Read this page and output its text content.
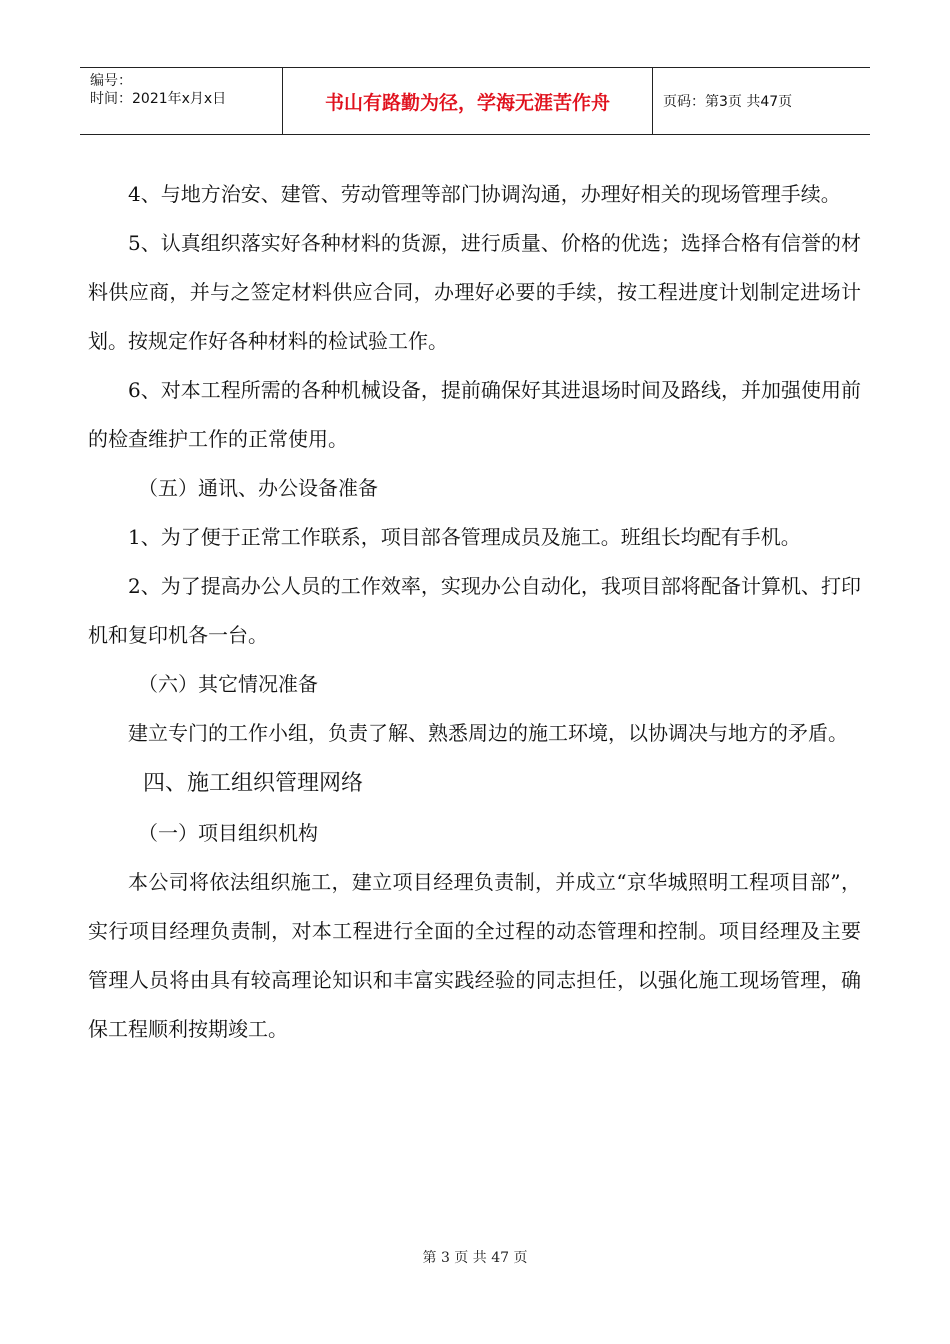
编号：
时间：2021年x月x日	书山有路勤为径，学海无涯苦作舟	页码：第3页 共47页

4、与地方治安、建管、劳动管理等部门协调沟通，办理好相关的现场管理手续。

5、认真组织落实好各种材料的货源，进行质量、价格的优选；选择合格有信誉的材料供应商，并与之签定材料供应合同，办理好必要的手续，按工程进度计划制定进场计划。按规定作好各种材料的检试验工作。

6、对本工程所需的各种机械设备，提前确保好其进退场时间及路线，并加强使用前的检查维护工作的正常使用。

（五）通讯、办公设备准备

1、为了便于正常工作联系，项目部各管理成员及施工。班组长均配有手机。

2、为了提高办公人员的工作效率，实现办公自动化，我项目部将配备计算机、打印机和复印机各一台。

（六）其它情况准备

建立专门的工作小组，负责了解、熟悉周边的施工环境，以协调决与地方的矛盾。

四、施工组织管理网络

（一）项目组织机构

本公司将依法组织施工，建立项目经理负责制，并成立“京华城照明工程项目部”，实行项目经理负责制，对本工程进行全面的全过程的动态管理和控制。项目经理及主要管理人员将由具有较高理论知识和丰富实践经验的同志担任，以强化施工现场管理，确保工程顺利按期竣工。

第 3 页 共 47 页
